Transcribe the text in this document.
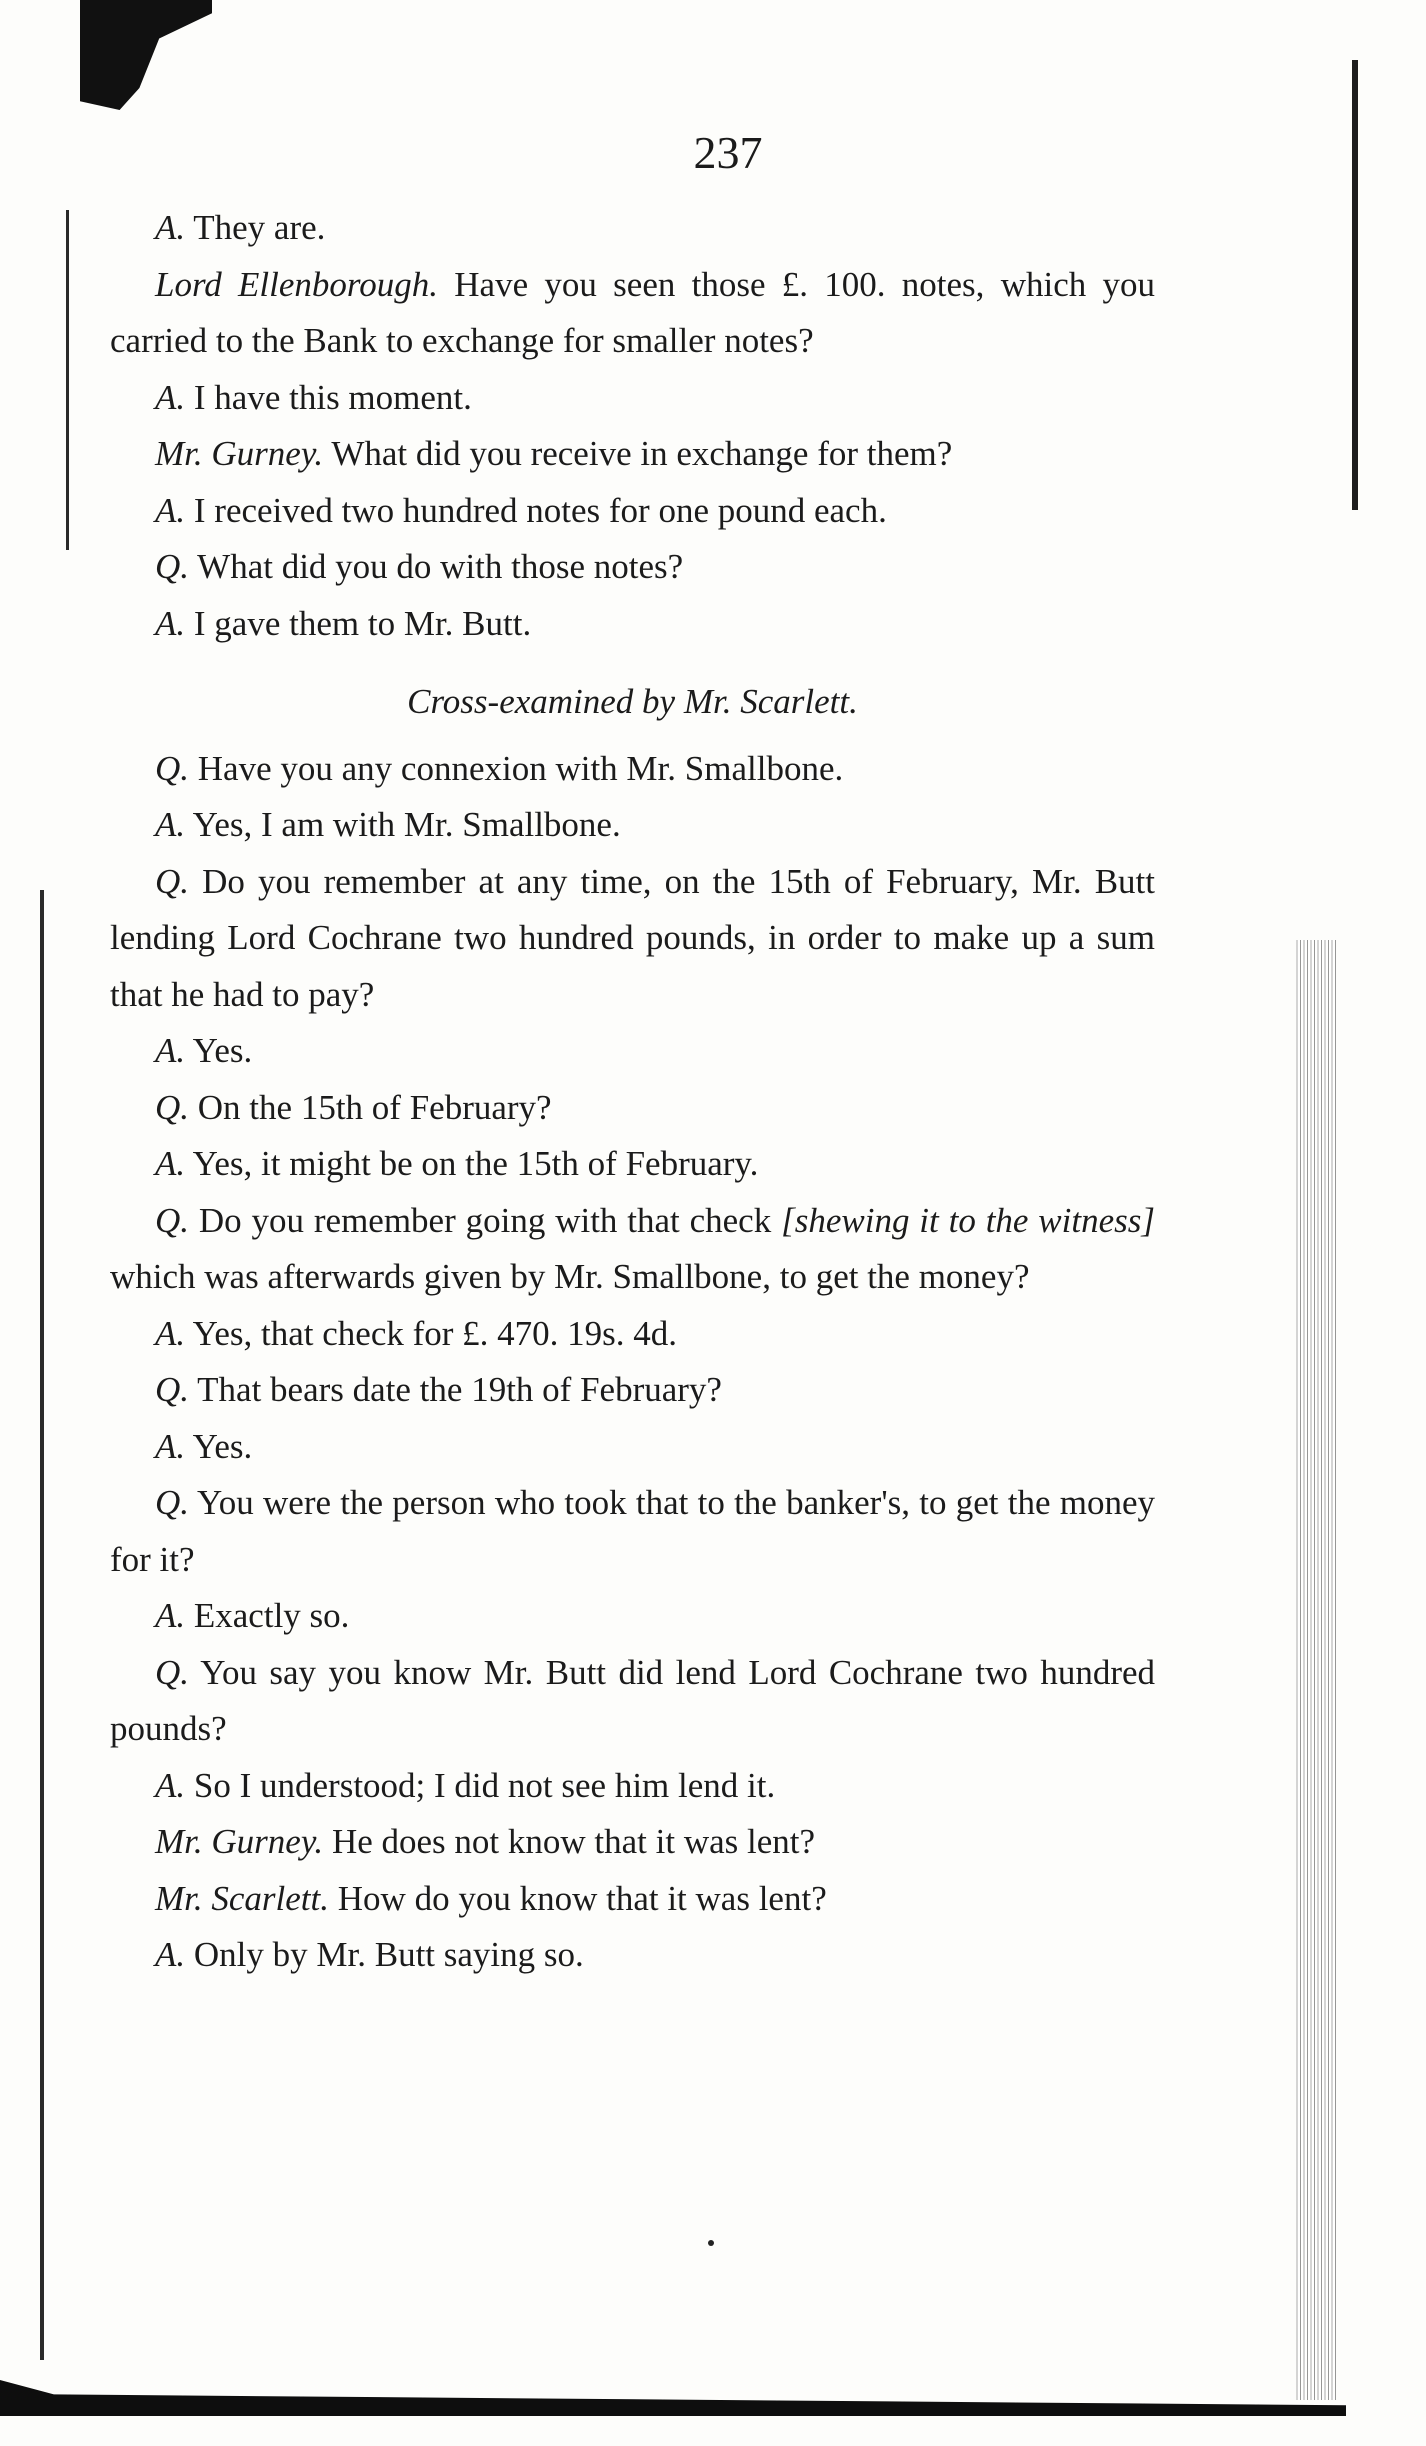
237

A. They are.

Lord Ellenborough. Have you seen those £. 100. notes, which you carried to the Bank to exchange for smaller notes?

A. I have this moment.

Mr. Gurney. What did you receive in exchange for them?

A. I received two hundred notes for one pound each.

Q. What did you do with those notes?

A. I gave them to Mr. Butt.

Cross-examined by Mr. Scarlett.

Q. Have you any connexion with Mr. Smallbone.

A. Yes, I am with Mr. Smallbone.

Q. Do you remember at any time, on the 15th of February, Mr. Butt lending Lord Cochrane two hundred pounds, in order to make up a sum that he had to pay?

A. Yes.

Q. On the 15th of February?

A. Yes, it might be on the 15th of February.

Q. Do you remember going with that check [shewing it to the witness] which was afterwards given by Mr. Smallbone, to get the money?

A. Yes, that check for £. 470. 19s. 4d.

Q. That bears date the 19th of February?

A. Yes.

Q. You were the person who took that to the banker's, to get the money for it?

A. Exactly so.

Q. You say you know Mr. Butt did lend Lord Cochrane two hundred pounds?

A. So I understood; I did not see him lend it.

Mr. Gurney. He does not know that it was lent?

Mr. Scarlett. How do you know that it was lent?

A. Only by Mr. Butt saying so.
